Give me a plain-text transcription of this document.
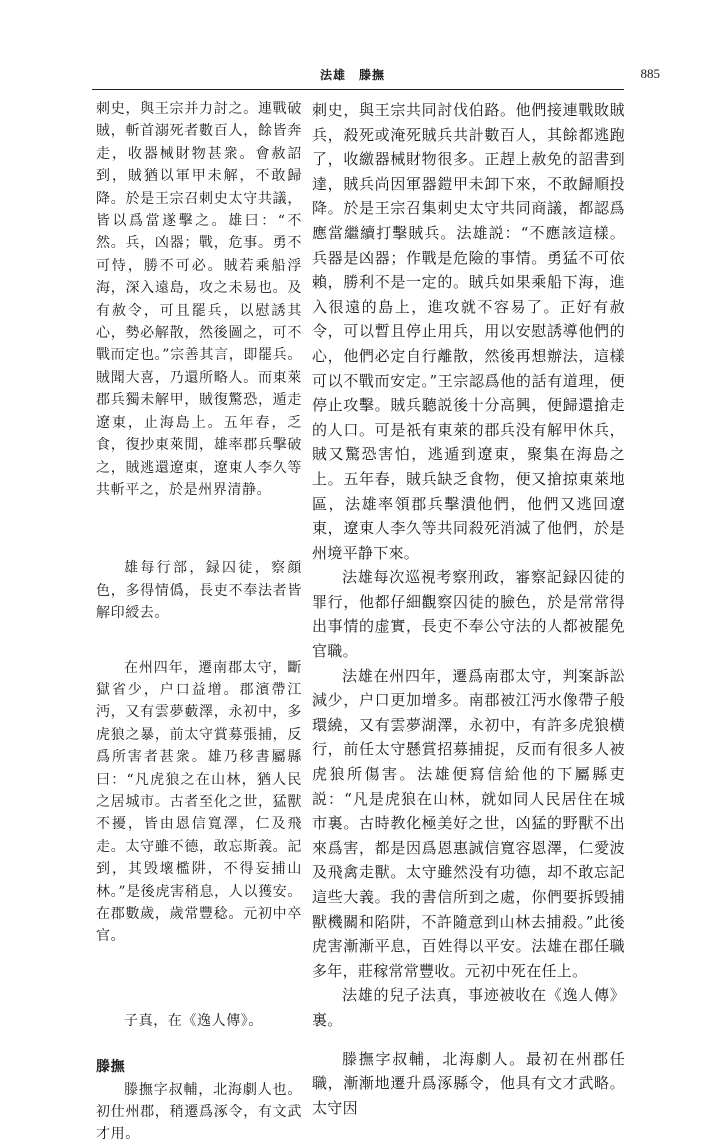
法雄　滕撫	885

刺史，與王宗并力討之。連戰破賊，斬首溺死者數百人，餘皆奔走，收器械財物甚衆。會赦詔到，賊猶以軍甲未解，不敢歸降。於是王宗召刺史太守共議，皆以爲當遂擊之。雄曰：“不然。兵，凶器；戰，危事。勇不可恃，勝不可必。賊若乘船浮海，深入遠島，攻之未易也。及有赦令，可且罷兵，以慰誘其心，勢必解散，然後圖之，可不戰而定也。”宗善其言，即罷兵。賊聞大喜，乃還所略人。而東萊郡兵獨未解甲，賊復驚恐，遁走遼東，止海島上。五年春，乏食，復抄東萊閒，雄率郡兵擊破之，賊逃還遼東，遼東人李久等共斬平之，於是州界清静。

雄每行部，録囚徒，察顔色，多得情僞，長吏不奉法者皆解印綬去。

在州四年，遷南郡太守，斷獄省少，户口益增。郡濱帶江沔，又有雲夢藪澤，永初中，多虎狼之暴，前太守賞募張捕，反爲所害者甚衆。雄乃移書屬縣曰：“凡虎狼之在山林，猶人民之居城市。古者至化之世，猛獸不擾，皆由恩信寬澤，仁及飛走。太守雖不德，敢忘斯義。記到，其毁壞檻阱，不得妄捕山林。”是後虎害稍息，人以獲安。在郡數歲，歲常豐稔。元初中卒官。

子真，在《逸人傳》。

滕撫

滕撫字叔輔，北海劇人也。初仕州郡，稍遷爲涿令，有文武才用。

刺史，與王宗共同討伐伯路。他們接連戰敗賊兵，殺死或淹死賊兵共計數百人，其餘都逃跑了，收繳器械財物很多。正趕上赦免的詔書到達，賊兵尚因軍器鎧甲未卸下來，不敢歸順投降。於是王宗召集刺史太守共同商議，都認爲應當繼續打擊賊兵。法雄説：“不應該這樣。兵器是凶器；作戰是危險的事情。勇猛不可依賴，勝利不是一定的。賊兵如果乘船下海，進入很遠的島上，進攻就不容易了。正好有赦令，可以暫且停止用兵，用以安慰誘導他們的心，他們必定自行離散，然後再想辦法，這樣可以不戰而安定。”王宗認爲他的話有道理，便停止攻擊。賊兵聽説後十分高興，便歸還搶走的人口。可是祇有東萊的郡兵没有解甲休兵，賊又驚恐害怕，逃遁到遼東，聚集在海島之上。五年春，賊兵缺乏食物，便又搶掠東萊地區，法雄率領郡兵擊潰他們，他們又逃回遼東，遼東人李久等共同殺死消滅了他們，於是州境平静下來。

法雄每次巡視考察刑政，審察記録囚徒的罪行，他都仔細觀察囚徒的臉色，於是常常得出事情的虚實，長吏不奉公守法的人都被罷免官職。

法雄在州四年，遷爲南郡太守，判案訴訟減少，户口更加增多。南郡被江沔水像帶子般環繞，又有雲夢湖澤，永初中，有許多虎狼横行，前任太守懸賞招募捕捉，反而有很多人被虎狼所傷害。法雄便寫信給他的下屬縣吏説：“凡是虎狼在山林，就如同人民居住在城市裏。古時教化極美好之世，凶猛的野獸不出來爲害，都是因爲恩惠誠信寬容恩澤，仁愛波及飛禽走獸。太守雖然没有功德，却不敢忘記這些大義。我的書信所到之處，你們要拆毁捕獸機關和陷阱，不許隨意到山林去捕殺。”此後虎害漸漸平息，百姓得以平安。法雄在郡任職多年，莊稼常常豐收。元初中死在任上。

法雄的兒子法真，事迹被收在《逸人傳》裏。

滕撫字叔輔，北海劇人。最初在州郡任職，漸漸地遷升爲涿縣令，他具有文才武略。太守因
